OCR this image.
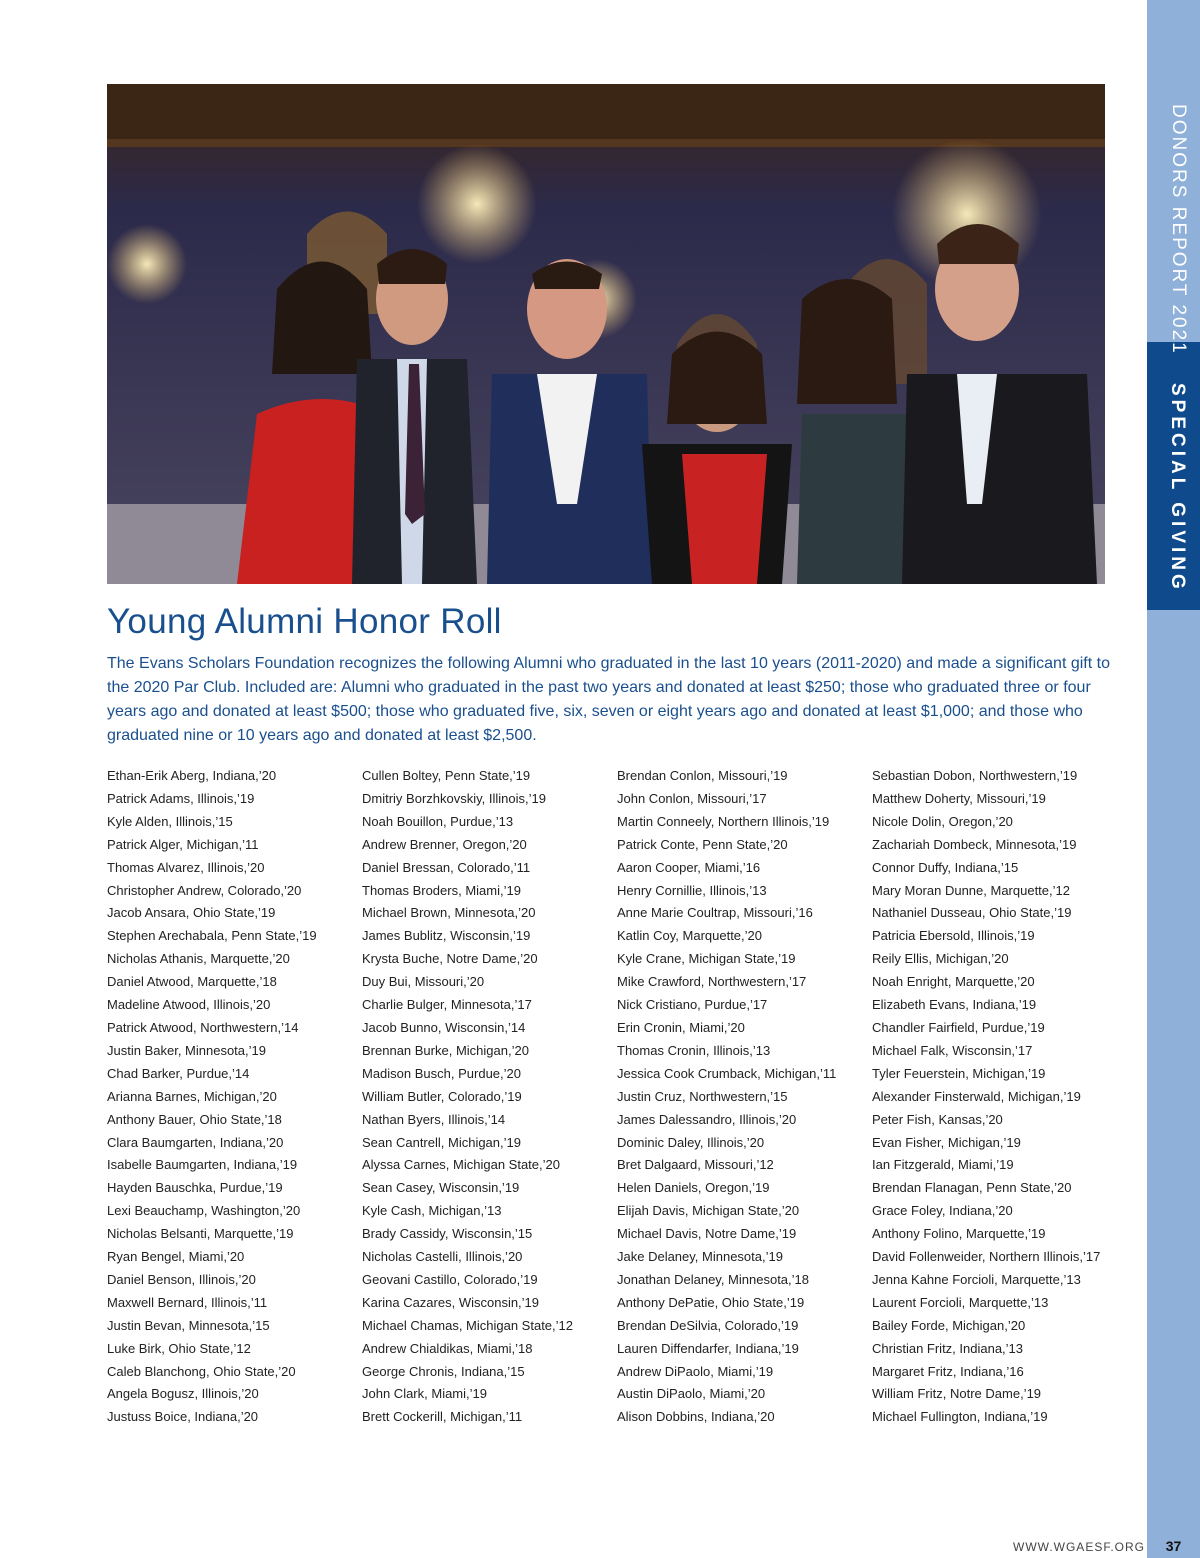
DONORS REPORT 2021
SPECIAL GIVING
Young Alumni Honor Roll

The Evans Scholars Foundation recognizes the following Alumni who graduated in the last 10 years (2011-2020) and made a significant gift to the 2020 Par Club. Included are: Alumni who graduated in the past two years and donated at least $250; those who graduated three or four years ago and donated at least $500; those who graduated five, six, seven or eight years ago and donated at least $1,000; and those who graduated nine or 10 years ago and donated at least $2,500.

Ethan-Erik Aberg, Indiana,’20
Patrick Adams, Illinois,’19
Kyle Alden, Illinois,’15
Patrick Alger, Michigan,’11
Thomas Alvarez, Illinois,’20
Christopher Andrew, Colorado,’20
Jacob Ansara, Ohio State,’19
Stephen Arechabala, Penn State,’19
Nicholas Athanis, Marquette,’20
Daniel Atwood, Marquette,’18
Madeline Atwood, Illinois,’20
Patrick Atwood, Northwestern,’14
Justin Baker, Minnesota,’19
Chad Barker, Purdue,’14
Arianna Barnes, Michigan,’20
Anthony Bauer, Ohio State,’18
Clara Baumgarten, Indiana,’20
Isabelle Baumgarten, Indiana,’19
Hayden Bauschka, Purdue,’19
Lexi Beauchamp, Washington,’20
Nicholas Belsanti, Marquette,’19
Ryan Bengel, Miami,’20
Daniel Benson, Illinois,’20
Maxwell Bernard, Illinois,’11
Justin Bevan, Minnesota,’15
Luke Birk, Ohio State,’12
Caleb Blanchong, Ohio State,’20
Angela Bogusz, Illinois,’20
Justuss Boice, Indiana,’20
Cullen Boltey, Penn State,’19
Dmitriy Borzhkovskiy, Illinois,’19
Noah Bouillon, Purdue,’13
Andrew Brenner, Oregon,’20
Daniel Bressan, Colorado,’11
Thomas Broders, Miami,’19
Michael Brown, Minnesota,’20
James Bublitz, Wisconsin,’19
Krysta Buche, Notre Dame,’20
Duy Bui, Missouri,’20
Charlie Bulger, Minnesota,’17
Jacob Bunno, Wisconsin,’14
Brennan Burke, Michigan,’20
Madison Busch, Purdue,’20
William Butler, Colorado,’19
Nathan Byers, Illinois,’14
Sean Cantrell, Michigan,’19
Alyssa Carnes, Michigan State,’20
Sean Casey, Wisconsin,’19
Kyle Cash, Michigan,’13
Brady Cassidy, Wisconsin,’15
Nicholas Castelli, Illinois,’20
Geovani Castillo, Colorado,’19
Karina Cazares, Wisconsin,’19
Michael Chamas, Michigan State,’12
Andrew Chialdikas, Miami,’18
George Chronis, Indiana,’15
John Clark, Miami,’19
Brett Cockerill, Michigan,’11
Brendan Conlon, Missouri,’19
John Conlon, Missouri,’17
Martin Conneely, Northern Illinois,’19
Patrick Conte, Penn State,’20
Aaron Cooper, Miami,’16
Henry Cornillie, Illinois,’13
Anne Marie Coultrap, Missouri,’16
Katlin Coy, Marquette,’20
Kyle Crane, Michigan State,’19
Mike Crawford, Northwestern,’17
Nick Cristiano, Purdue,’17
Erin Cronin, Miami,’20
Thomas Cronin, Illinois,’13
Jessica Cook Crumback, Michigan,’11
Justin Cruz, Northwestern,’15
James Dalessandro, Illinois,’20
Dominic Daley, Illinois,’20
Bret Dalgaard, Missouri,’12
Helen Daniels, Oregon,’19
Elijah Davis, Michigan State,’20
Michael Davis, Notre Dame,’19
Jake Delaney, Minnesota,’19
Jonathan Delaney, Minnesota,’18
Anthony DePatie, Ohio State,’19
Brendan DeSilvia, Colorado,’19
Lauren Diffendarfer, Indiana,’19
Andrew DiPaolo, Miami,’19
Austin DiPaolo, Miami,’20
Alison Dobbins, Indiana,’20
Sebastian Dobon, Northwestern,’19
Matthew Doherty, Missouri,’19
Nicole Dolin, Oregon,’20
Zachariah Dombeck, Minnesota,’19
Connor Duffy, Indiana,’15
Mary Moran Dunne, Marquette,’12
Nathaniel Dusseau, Ohio State,’19
Patricia Ebersold, Illinois,’19
Reily Ellis, Michigan,’20
Noah Enright, Marquette,’20
Elizabeth Evans, Indiana,’19
Chandler Fairfield, Purdue,’19
Michael Falk, Wisconsin,’17
Tyler Feuerstein, Michigan,’19
Alexander Finsterwald, Michigan,’19
Peter Fish, Kansas,’20
Evan Fisher, Michigan,’19
Ian Fitzgerald, Miami,’19
Brendan Flanagan, Penn State,’20
Grace Foley, Indiana,’20
Anthony Folino, Marquette,’19
David Follenweider, Northern Illinois,’17
Jenna Kahne Forcioli, Marquette,’13
Laurent Forcioli, Marquette,’13
Bailey Forde, Michigan,’20
Christian Fritz, Indiana,’13
Margaret Fritz, Indiana,’16
William Fritz, Notre Dame,’19
Michael Fullington, Indiana,’19
WWW.WGAESF.ORG	37
